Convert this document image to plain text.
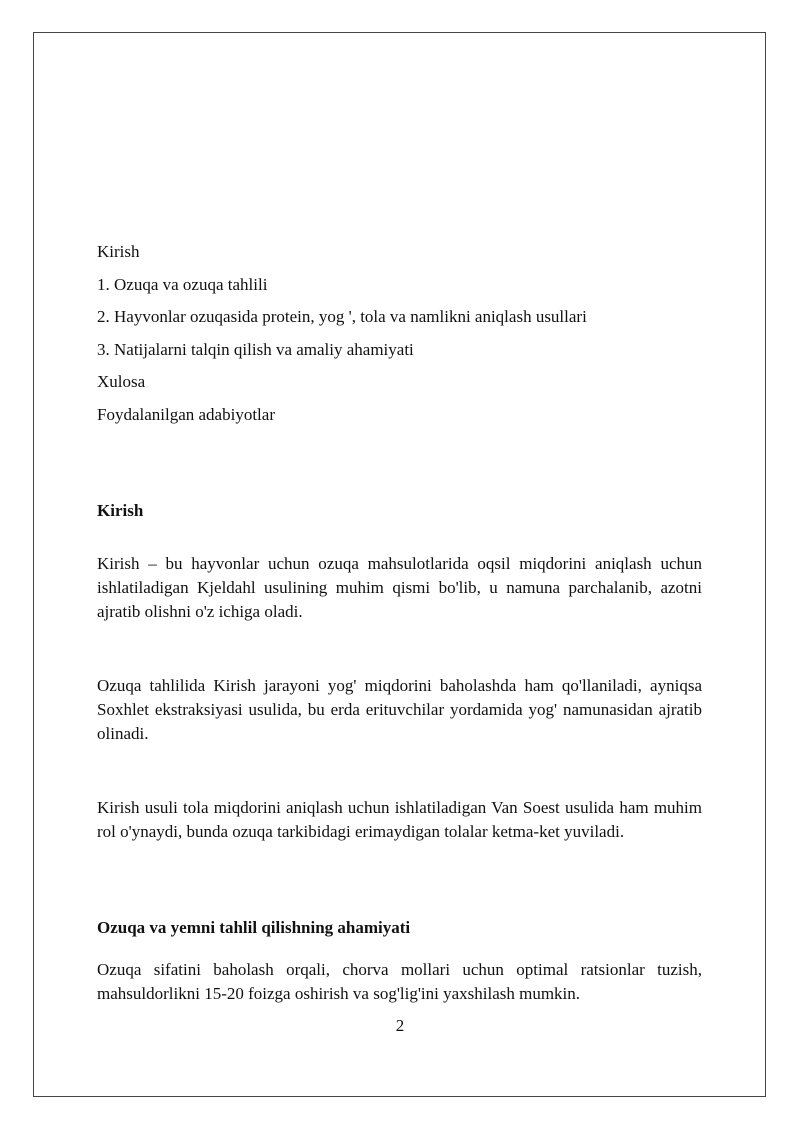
Kirish
1. Ozuqa va ozuqa tahlili
2. Hayvonlar ozuqasida protein, yog ', tola va namlikni aniqlash usullari
3. Natijalarni talqin qilish va amaliy ahamiyati
Xulosa
Foydalanilgan adabiyotlar
Kirish
Kirish – bu hayvonlar uchun ozuqa mahsulotlarida oqsil miqdorini aniqlash uchun ishlatiladigan Kjeldahl usulining muhim qismi bo'lib, u namuna parchalanib, azotni ajratib olishni o'z ichiga oladi.
Ozuqa tahlilida Kirish jarayoni yog' miqdorini baholashda ham qo'llaniladi, ayniqsa Soxhlet ekstraksiyasi usulida, bu erda erituvchilar yordamida yog' namunasidan ajratib olinadi.
Kirish usuli tola miqdorini aniqlash uchun ishlatiladigan Van Soest usulida ham muhim rol o'ynaydi, bunda ozuqa tarkibidagi erimaydigan tolalar ketma-ket yuviladi.
Ozuqa va yemni tahlil qilishning ahamiyati
Ozuqa sifatini baholash orqali, chorva mollari uchun optimal ratsionlar tuzish, mahsuldorlikni 15-20 foizga oshirish va sog'lig'ini yaxshilash mumkin.
2
